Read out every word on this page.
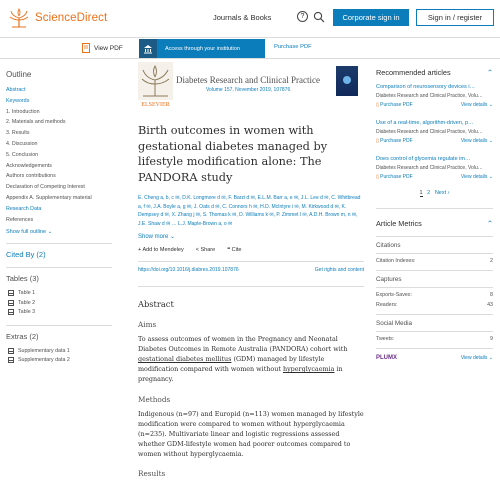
ScienceDirect	Journals & Books	?	Corporate sign in	Sign in / register
View PDF	Access through your institution	Purchase PDF
Outline
Abstract
Keywords
1. Introduction
2. Materials and methods
3. Results
4. Discussion
5. Conclusion
Acknowledgements
Authors contributions
Declaration of Competing Interest
Appendix A. Supplementary material
Research Data
References
Show full outline ⌄
Cited By (2)
Tables (3)
Table 1
Table 2
Table 3
Extras (2)
Supplementary data 1
Supplementary data 2
ELSEVIER
Diabetes Research and Clinical Practice
Volume 157, November 2019, 107876
Birth outcomes in women with gestational diabetes managed by lifestyle modification alone: The PANDORA study
E. Cheng a, b, c ✉, D.K. Longmore d ✉, F. Barzi d ✉, E.L.M. Barr a, e ✉, J.L. Lee d ✉, C. Whitbread a, f ✉, J.A. Boyle a, g ✉, J. Oats d ✉, C. Connors h ✉, H.D. McIntyre i ✉, M. Kirkwood d ✉, K. Dempsey d ✉, X. Zhang j ✉, S. Thomas k ✉, D. Williams k ✉, P. Zimmet l ✉, A.D.H. Brown m, n ✉, J.E. Shaw d ✉ … L.J. Maple-Brown a, o ✉
Show more ⌄
+ Add to Mendeley < Share ❝ Cite
https://doi.org/10.1016/j.diabres.2019.107876	Get rights and content
Abstract
Aims
To assess outcomes of women in the Pregnancy and Neonatal Diabetes Outcomes in Remote Australia (PANDORA) cohort with gestational diabetes mellitus (GDM) managed by lifestyle modification compared with women without hyperglycaemia in pregnancy.
Methods
Indigenous (n=97) and Europid (n=113) women managed by lifestyle modification were compared to women without hyperglycaemia (n=235). Multivariate linear and logistic regressions assessed whether GDM-lifestyle women had poorer outcomes compared to women without hyperglycaemia.
Results
Recommended articles	⌃
Comparison of neurosensory devices i…
Diabetes Research and Clinical Practice, Volu…
▯ Purchase PDF	View details ⌄
Use of a real-time, algorithm-driven, p…
Diabetes Research and Clinical Practice, Volu…
▯ Purchase PDF	View details ⌄
Does control of glycemia regulate im…
Diabetes Research and Clinical Practice, Volu…
▯ Purchase PDF	View details ⌄
1 2 Next ›
Article Metrics	⌃
Citations
Citation Indexes:	2
Captures
Exports-Saves:	8
Readers:	43
Social Media
Tweets:	9
PLUMX	View details ⌄
